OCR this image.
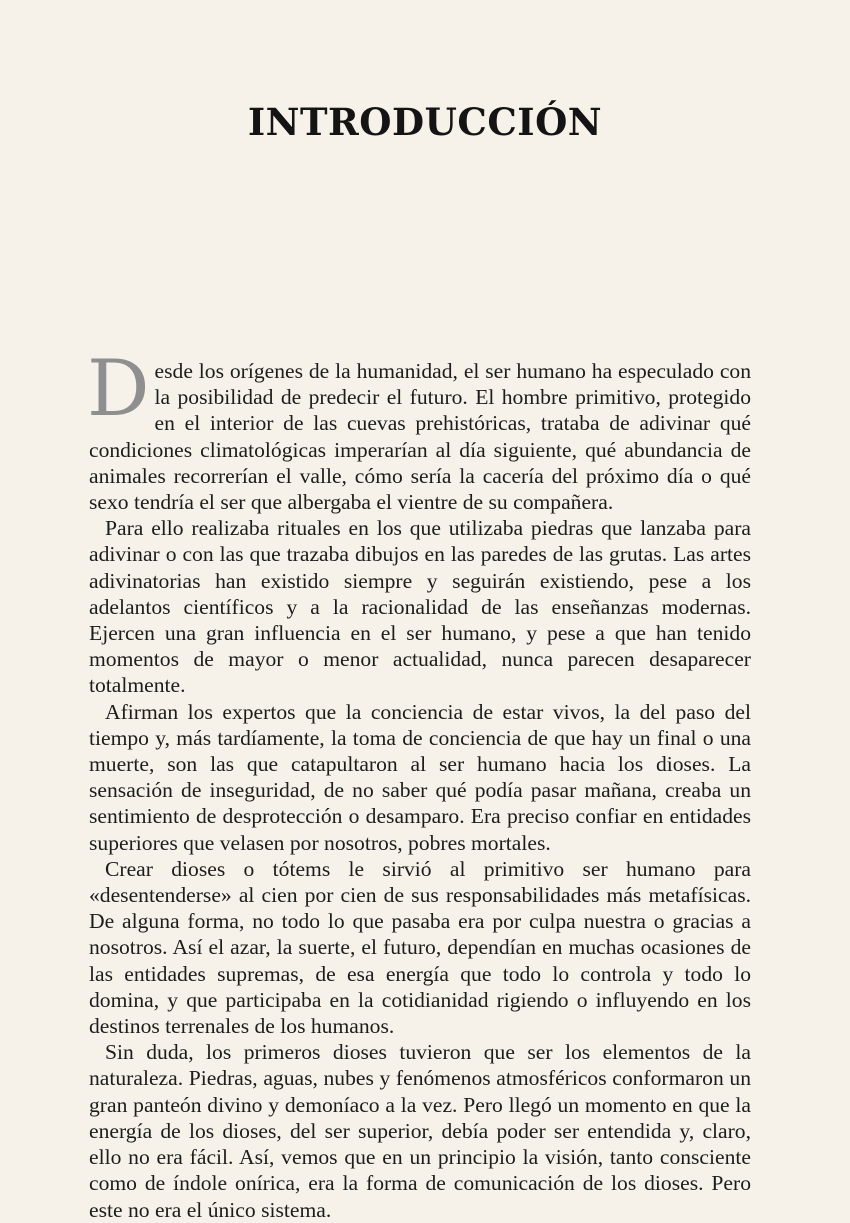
INTRODUCCIÓN

Desde los orígenes de la humanidad, el ser humano ha especulado con la posibilidad de predecir el futuro. El hombre primitivo, protegido en el interior de las cuevas prehistóricas, trataba de adivinar qué condiciones climatológicas imperarían al día siguiente, qué abundancia de animales recorrerían el valle, cómo sería la cacería del próximo día o qué sexo tendría el ser que albergaba el vientre de su compañera.

Para ello realizaba rituales en los que utilizaba piedras que lanzaba para adivinar o con las que trazaba dibujos en las paredes de las grutas. Las artes adivinatorias han existido siempre y seguirán existiendo, pese a los adelantos científicos y a la racionalidad de las enseñanzas modernas. Ejercen una gran influencia en el ser humano, y pese a que han tenido momentos de mayor o menor actualidad, nunca parecen desaparecer totalmente.

Afirman los expertos que la conciencia de estar vivos, la del paso del tiempo y, más tardíamente, la toma de conciencia de que hay un final o una muerte, son las que catapultaron al ser humano hacia los dioses. La sensación de inseguridad, de no saber qué podía pasar mañana, creaba un sentimiento de desprotección o desamparo. Era preciso confiar en entidades superiores que velasen por nosotros, pobres mortales.

Crear dioses o tótems le sirvió al primitivo ser humano para «desentenderse» al cien por cien de sus responsabilidades más metafísicas. De alguna forma, no todo lo que pasaba era por culpa nuestra o gracias a nosotros. Así el azar, la suerte, el futuro, dependían en muchas ocasiones de las entidades supremas, de esa energía que todo lo controla y todo lo domina, y que participaba en la cotidianidad rigiendo o influyendo en los destinos terrenales de los humanos.

Sin duda, los primeros dioses tuvieron que ser los elementos de la naturaleza. Piedras, aguas, nubes y fenómenos atmosféricos conformaron un gran panteón divino y demoníaco a la vez. Pero llegó un momento en que la energía de los dioses, del ser superior, debía poder ser entendida y, claro, ello no era fácil. Así, vemos que en un principio la visión, tanto consciente como de índole onírica, era la forma de comunicación de los dioses. Pero este no era el único sistema.
